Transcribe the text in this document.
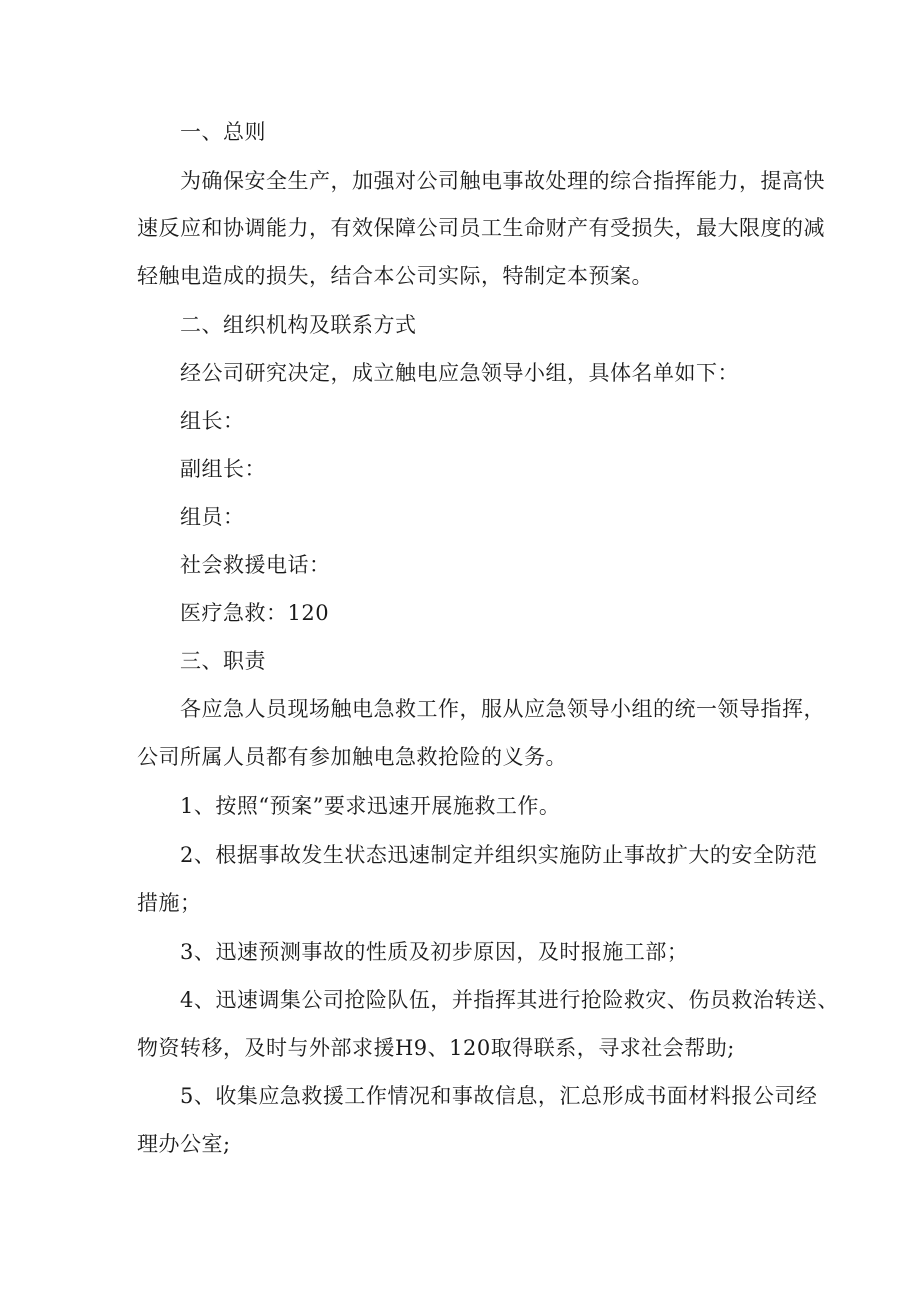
一、总则
为确保安全生产，加强对公司触电事故处理的综合指挥能力，提高快
速反应和协调能力，有效保障公司员工生命财产有受损失，最大限度的减
轻触电造成的损失，结合本公司实际，特制定本预案。
二、组织机构及联系方式
经公司研究决定，成立触电应急领导小组，具体名单如下：
组长：
副组长：
组员：
社会救援电话：
医疗急救：120
三、职责
各应急人员现场触电急救工作，服从应急领导小组的统一领导指挥，
公司所属人员都有参加触电急救抢险的义务。
1、按照“预案”要求迅速开展施救工作。
2、根据事故发生状态迅速制定并组织实施防止事故扩大的安全防范
措施；
3、迅速预测事故的性质及初步原因，及时报施工部；
4、迅速调集公司抢险队伍，并指挥其进行抢险救灾、伤员救治转送、
物资转移，及时与外部求援H9、120取得联系，寻求社会帮助;
5、收集应急救援工作情况和事故信息，汇总形成书面材料报公司经
理办公室;
